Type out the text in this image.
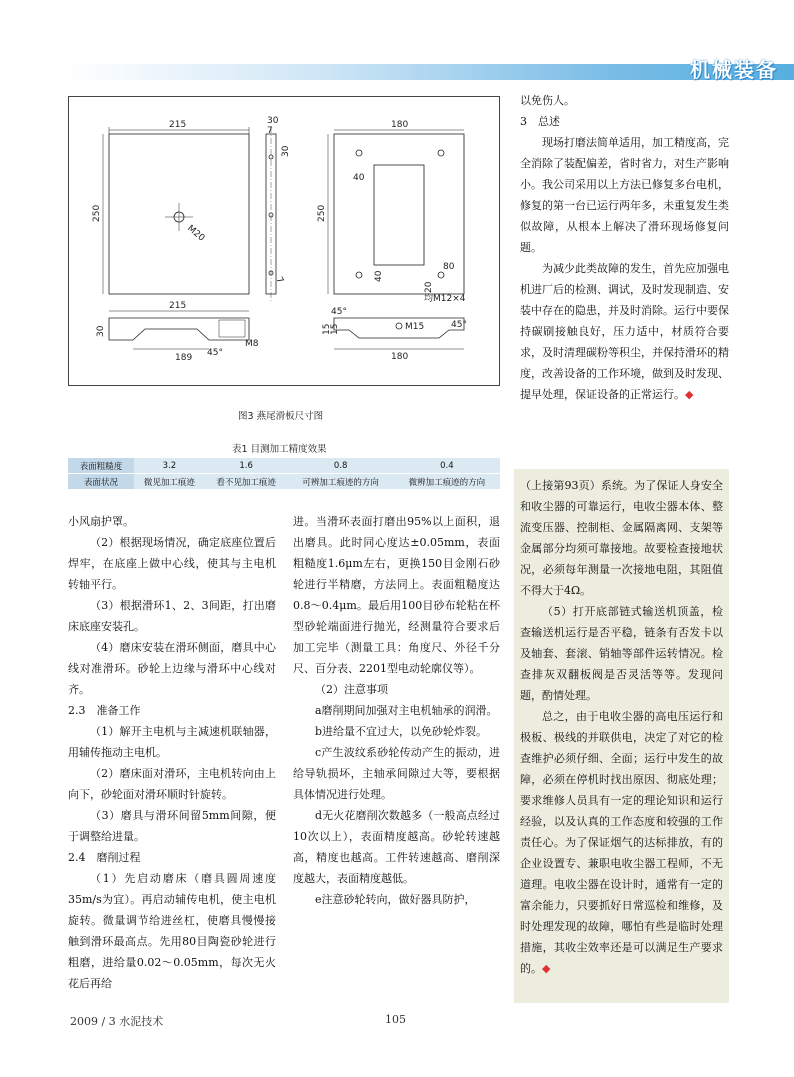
机械装备
215
250
M20
30
7
30
7
180
250
40
40
20
80
均M12×4
215
30
189 45°
M8
180
45°
15
15	M15	45°
图3 燕尾滑板尺寸图
表1 目测加工精度效果
表面粗糙度	3.2	1.6	0.8	0.4
表面状况	微见加工痕迹	看不见加工痕迹	可辨加工痕迹的方向	微辨加工痕迹的方向

以免伤人。

3　总述

现场打磨法简单适用，加工精度高，完全消除了装配偏差，省时省力，对生产影响小。我公司采用以上方法已修复多台电机，修复的第一台已运行两年多，未重复发生类似故障，从根本上解决了滑环现场修复问题。

为减少此类故障的发生，首先应加强电机进厂后的检测、调试，及时发现制造、安装中存在的隐患，并及时消除。运行中要保持碳刷接触良好，压力适中，材质符合要求，及时清理碳粉等积尘，并保持滑环的精度，改善设备的工作环境，做到及时发现、提早处理，保证设备的正常运行。◆

小风扇护罩。

（2）根据现场情况，确定底座位置后焊牢，在底座上做中心线，使其与主电机转轴平行。

（3）根据滑环1、2、3间距，打出磨床底座安装孔。

（4）磨床安装在滑环侧面，磨具中心线对准滑环。砂轮上边缘与滑环中心线对齐。

2.3　准备工作

（1）解开主电机与主减速机联轴器，用辅传拖动主电机。

（2）磨床面对滑环，主电机转向由上向下，砂轮面对滑环顺时针旋转。

（3）磨具与滑环间留5mm间隙，便于调整给进量。

2.4　磨削过程

（1）先启动磨床（磨具圆周速度35m/s为宜）。再启动辅传电机，使主电机旋转。微量调节给进丝杠，使磨具慢慢接触到滑环最高点。先用80目陶瓷砂轮进行粗磨，进给量0.02～0.05mm，每次无火花后再给

进。当滑环表面打磨出95%以上面积，退出磨具。此时同心度达±0.05mm，表面粗糙度1.6μm左右，更换150目金刚石砂轮进行半精磨，方法同上。表面粗糙度达0.8～0.4μm。最后用100目砂布轮粘在杯型砂轮端面进行抛光，经测量符合要求后加工完毕（测量工具：角度尺、外径千分尺、百分表、2201型电动轮廓仪等）。

（2）注意事项

a磨削期间加强对主电机轴承的润滑。

b进给量不宜过大，以免砂轮炸裂。

c产生波纹系砂轮传动产生的振动，进给导轨损坏，主轴承间隙过大等，要根据具体情况进行处理。

d无火花磨削次数越多（一般高点经过10次以上），表面精度越高。砂轮转速越高，精度也越高。工件转速越高、磨削深度越大，表面精度越低。

e注意砂轮转向，做好器具防护，

（上接第93页）系统。为了保证人身安全和收尘器的可靠运行，电收尘器本体、整流变压器、控制柜、金属隔离网、支架等金属部分均须可靠接地。故要检查接地状况，必须每年测量一次接地电阻，其阻值不得大于4Ω。

（5）打开底部链式输送机顶盖，检查输送机运行是否平稳，链条有否发卡以及轴套、套滚、销轴等部件运转情况。检查排灰双翻板阀是否灵活等等。发现问题，酌情处理。

总之，由于电收尘器的高电压运行和极板、极线的并联供电，决定了对它的检查维护必须仔细、全面；运行中发生的故障，必须在停机时找出原因、彻底处理；要求维修人员具有一定的理论知识和运行经验，以及认真的工作态度和较强的工作责任心。为了保证烟气的达标排放，有的企业设置专、兼职电收尘器工程师，不无道理。电收尘器在设计时，通常有一定的富余能力，只要抓好日常巡检和维修，及时处理发现的故障，哪怕有些是临时处理措施，其收尘效率还是可以满足生产要求的。◆

2009 / 3 水泥技术	105
